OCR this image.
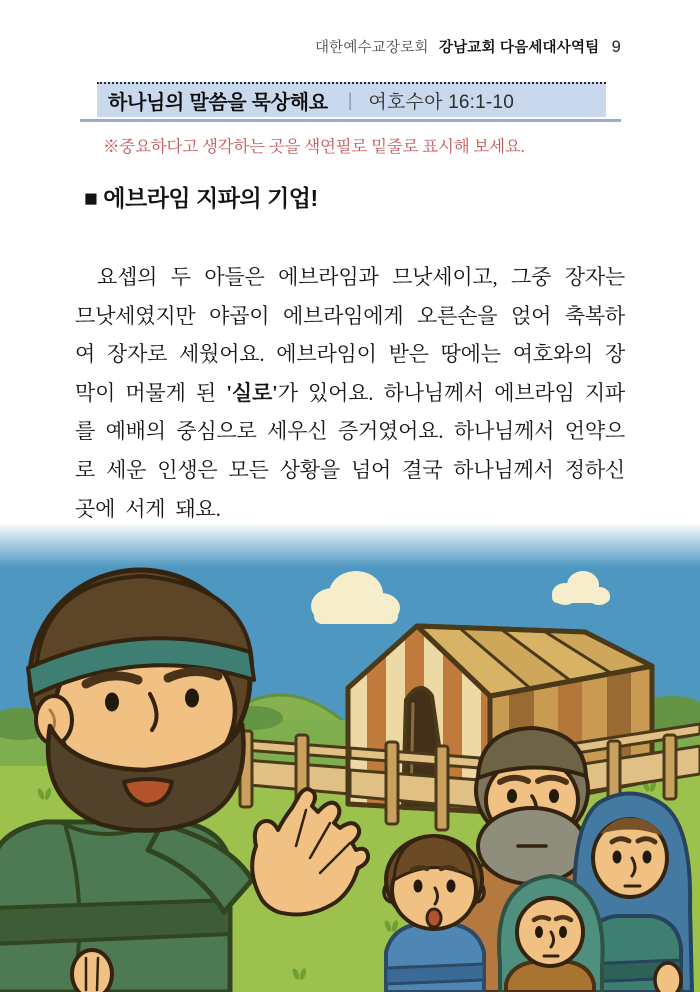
대한예수교장로회 강남교회 다음세대사역팀 9
하나님의 말씀을 묵상해요 | 여호수아 16:1-10
※중요하다고 생각하는 곳을 색연필로 밑줄로 표시해 보세요.
■ 에브라임 지파의 기업!

요셉의 두 아들은 에브라임과 므낫세이고, 그중 장자는 므낫세였지만 야곱이 에브라임에게 오른손을 얹어 축복하여 장자로 세웠어요. 에브라임이 받은 땅에는 여호와의 장막이 머물게 된 '실로'가 있어요. 하나님께서 에브라임 지파를 예배의 중심으로 세우신 증거였어요. 하나님께서 언약으로 세운 인생은 모든 상황을 넘어 결국 하나님께서 정하신 곳에 서게 돼요.
